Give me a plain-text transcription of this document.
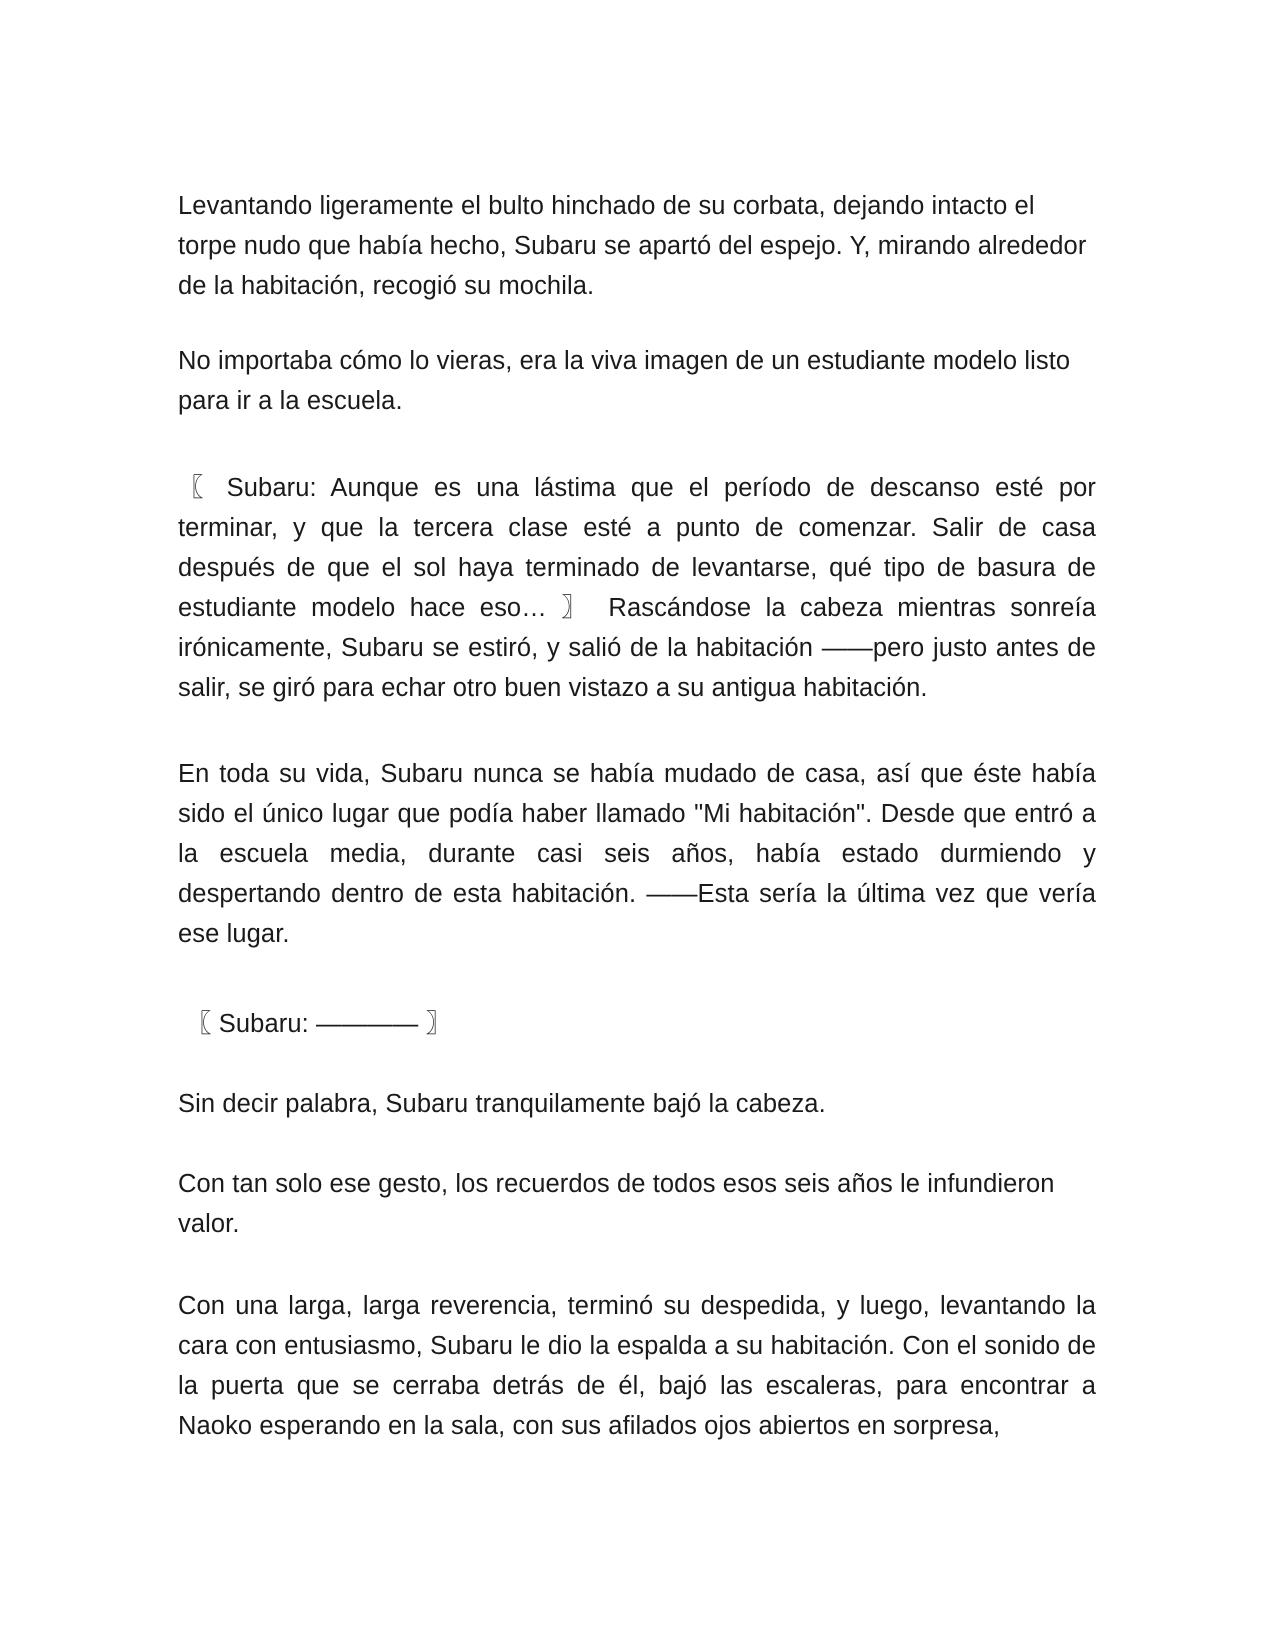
Levantando ligeramente el bulto hinchado de su corbata, dejando intacto el torpe nudo que había hecho, Subaru se apartó del espejo. Y, mirando alrededor de la habitación, recogió su mochila.

No importaba cómo lo vieras, era la viva imagen de un estudiante modelo listo para ir a la escuela.

〖 Subaru: Aunque es una lástima que el período de descanso esté por terminar, y que la tercera clase esté a punto de comenzar. Salir de casa después de que el sol haya terminado de levantarse, qué tipo de basura de estudiante modelo hace eso… 〗 Rascándose la cabeza mientras sonreía irónicamente, Subaru se estiró, y salió de la habitación ——pero justo antes de salir, se giró para echar otro buen vistazo a su antigua habitación.

En toda su vida, Subaru nunca se había mudado de casa, así que éste había sido el único lugar que podía haber llamado "Mi habitación". Desde que entró a la escuela media, durante casi seis años, había estado durmiendo y despertando dentro de esta habitación. ——Esta sería la última vez que vería ese lugar.

〖 Subaru: ———— 〗

Sin decir palabra, Subaru tranquilamente bajó la cabeza.

Con tan solo ese gesto, los recuerdos de todos esos seis años le infundieron valor.

Con una larga, larga reverencia, terminó su despedida, y luego, levantando la cara con entusiasmo, Subaru le dio la espalda a su habitación. Con el sonido de la puerta que se cerraba detrás de él, bajó las escaleras, para encontrar a Naoko esperando en la sala, con sus afilados ojos abiertos en sorpresa,
